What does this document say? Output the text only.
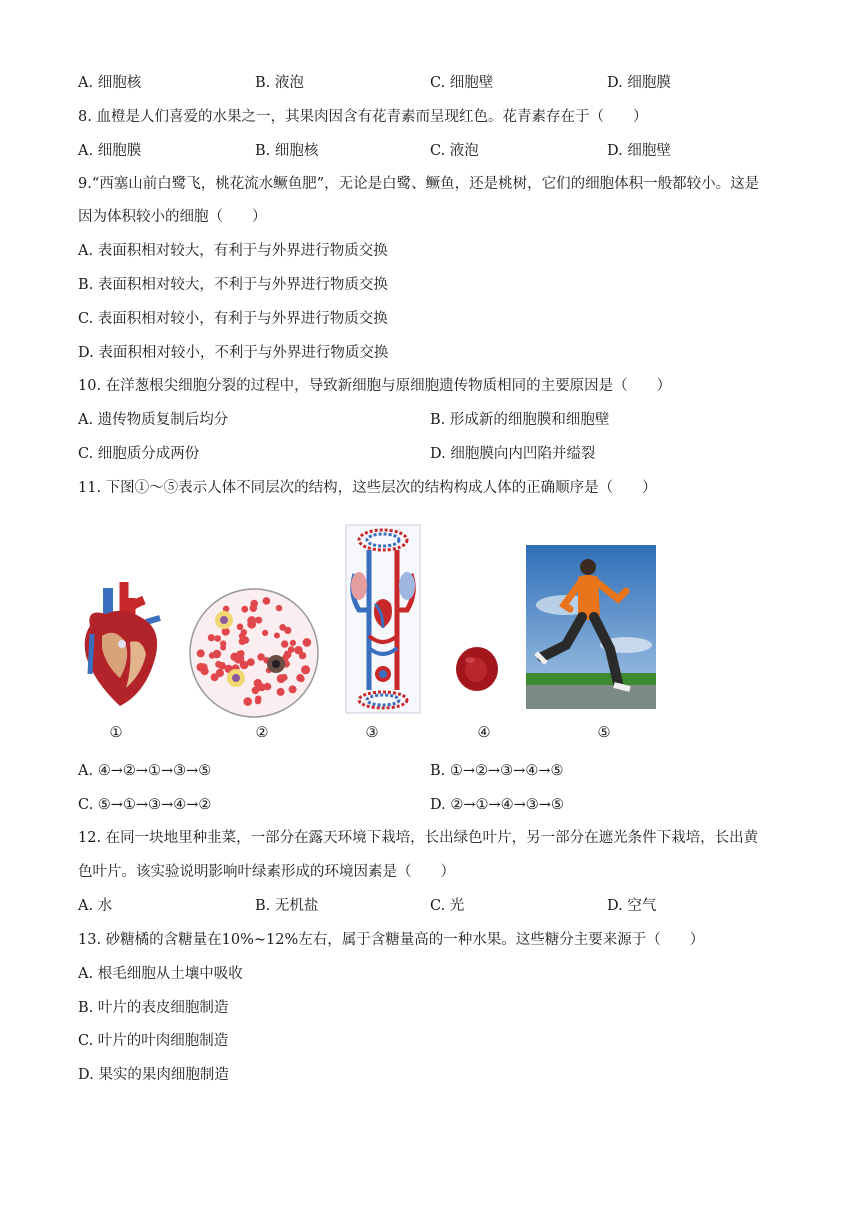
A. 细胞核	B. 液泡	C. 细胞壁	D. 细胞膜
8. 血橙是人们喜爱的水果之一，其果肉因含有花青素而呈现红色。花青素存在于（　　）
A. 细胞膜	B. 细胞核	C. 液泡	D. 细胞壁
9.“西塞山前白鹭飞，桃花流水鳜鱼肥”，无论是白鹭、鳜鱼，还是桃树，它们的细胞体积一般都较小。这是
因为体积较小的细胞（　　）
A. 表面积相对较大，有利于与外界进行物质交换
B. 表面积相对较大，不利于与外界进行物质交换
C. 表面积相对较小，有利于与外界进行物质交换
D. 表面积相对较小，不利于与外界进行物质交换
10. 在洋葱根尖细胞分裂的过程中，导致新细胞与原细胞遗传物质相同的主要原因是（　　）
A. 遗传物质复制后均分	B. 形成新的细胞膜和细胞壁
C. 细胞质分成两份	D. 细胞膜向内凹陷并缢裂
11. 下图①～⑤表示人体不同层次的结构，这些层次的结构构成人体的正确顺序是（　　）
①	②	③	④	⑤
A. ④→②→①→③→⑤	B. ①→②→③→④→⑤
C. ⑤→①→③→④→②	D. ②→①→④→③→⑤
12. 在同一块地里种韭菜，一部分在露天环境下栽培，长出绿色叶片，另一部分在遮光条件下栽培，长出黄
色叶片。该实验说明影响叶绿素形成的环境因素是（　　）
A. 水	B. 无机盐	C. 光	D. 空气
13. 砂糖橘的含糖量在10%~12%左右，属于含糖量高的一种水果。这些糖分主要来源于（　　）
A. 根毛细胞从土壤中吸收
B. 叶片的表皮细胞制造
C. 叶片的叶肉细胞制造
D. 果实的果肉细胞制造
